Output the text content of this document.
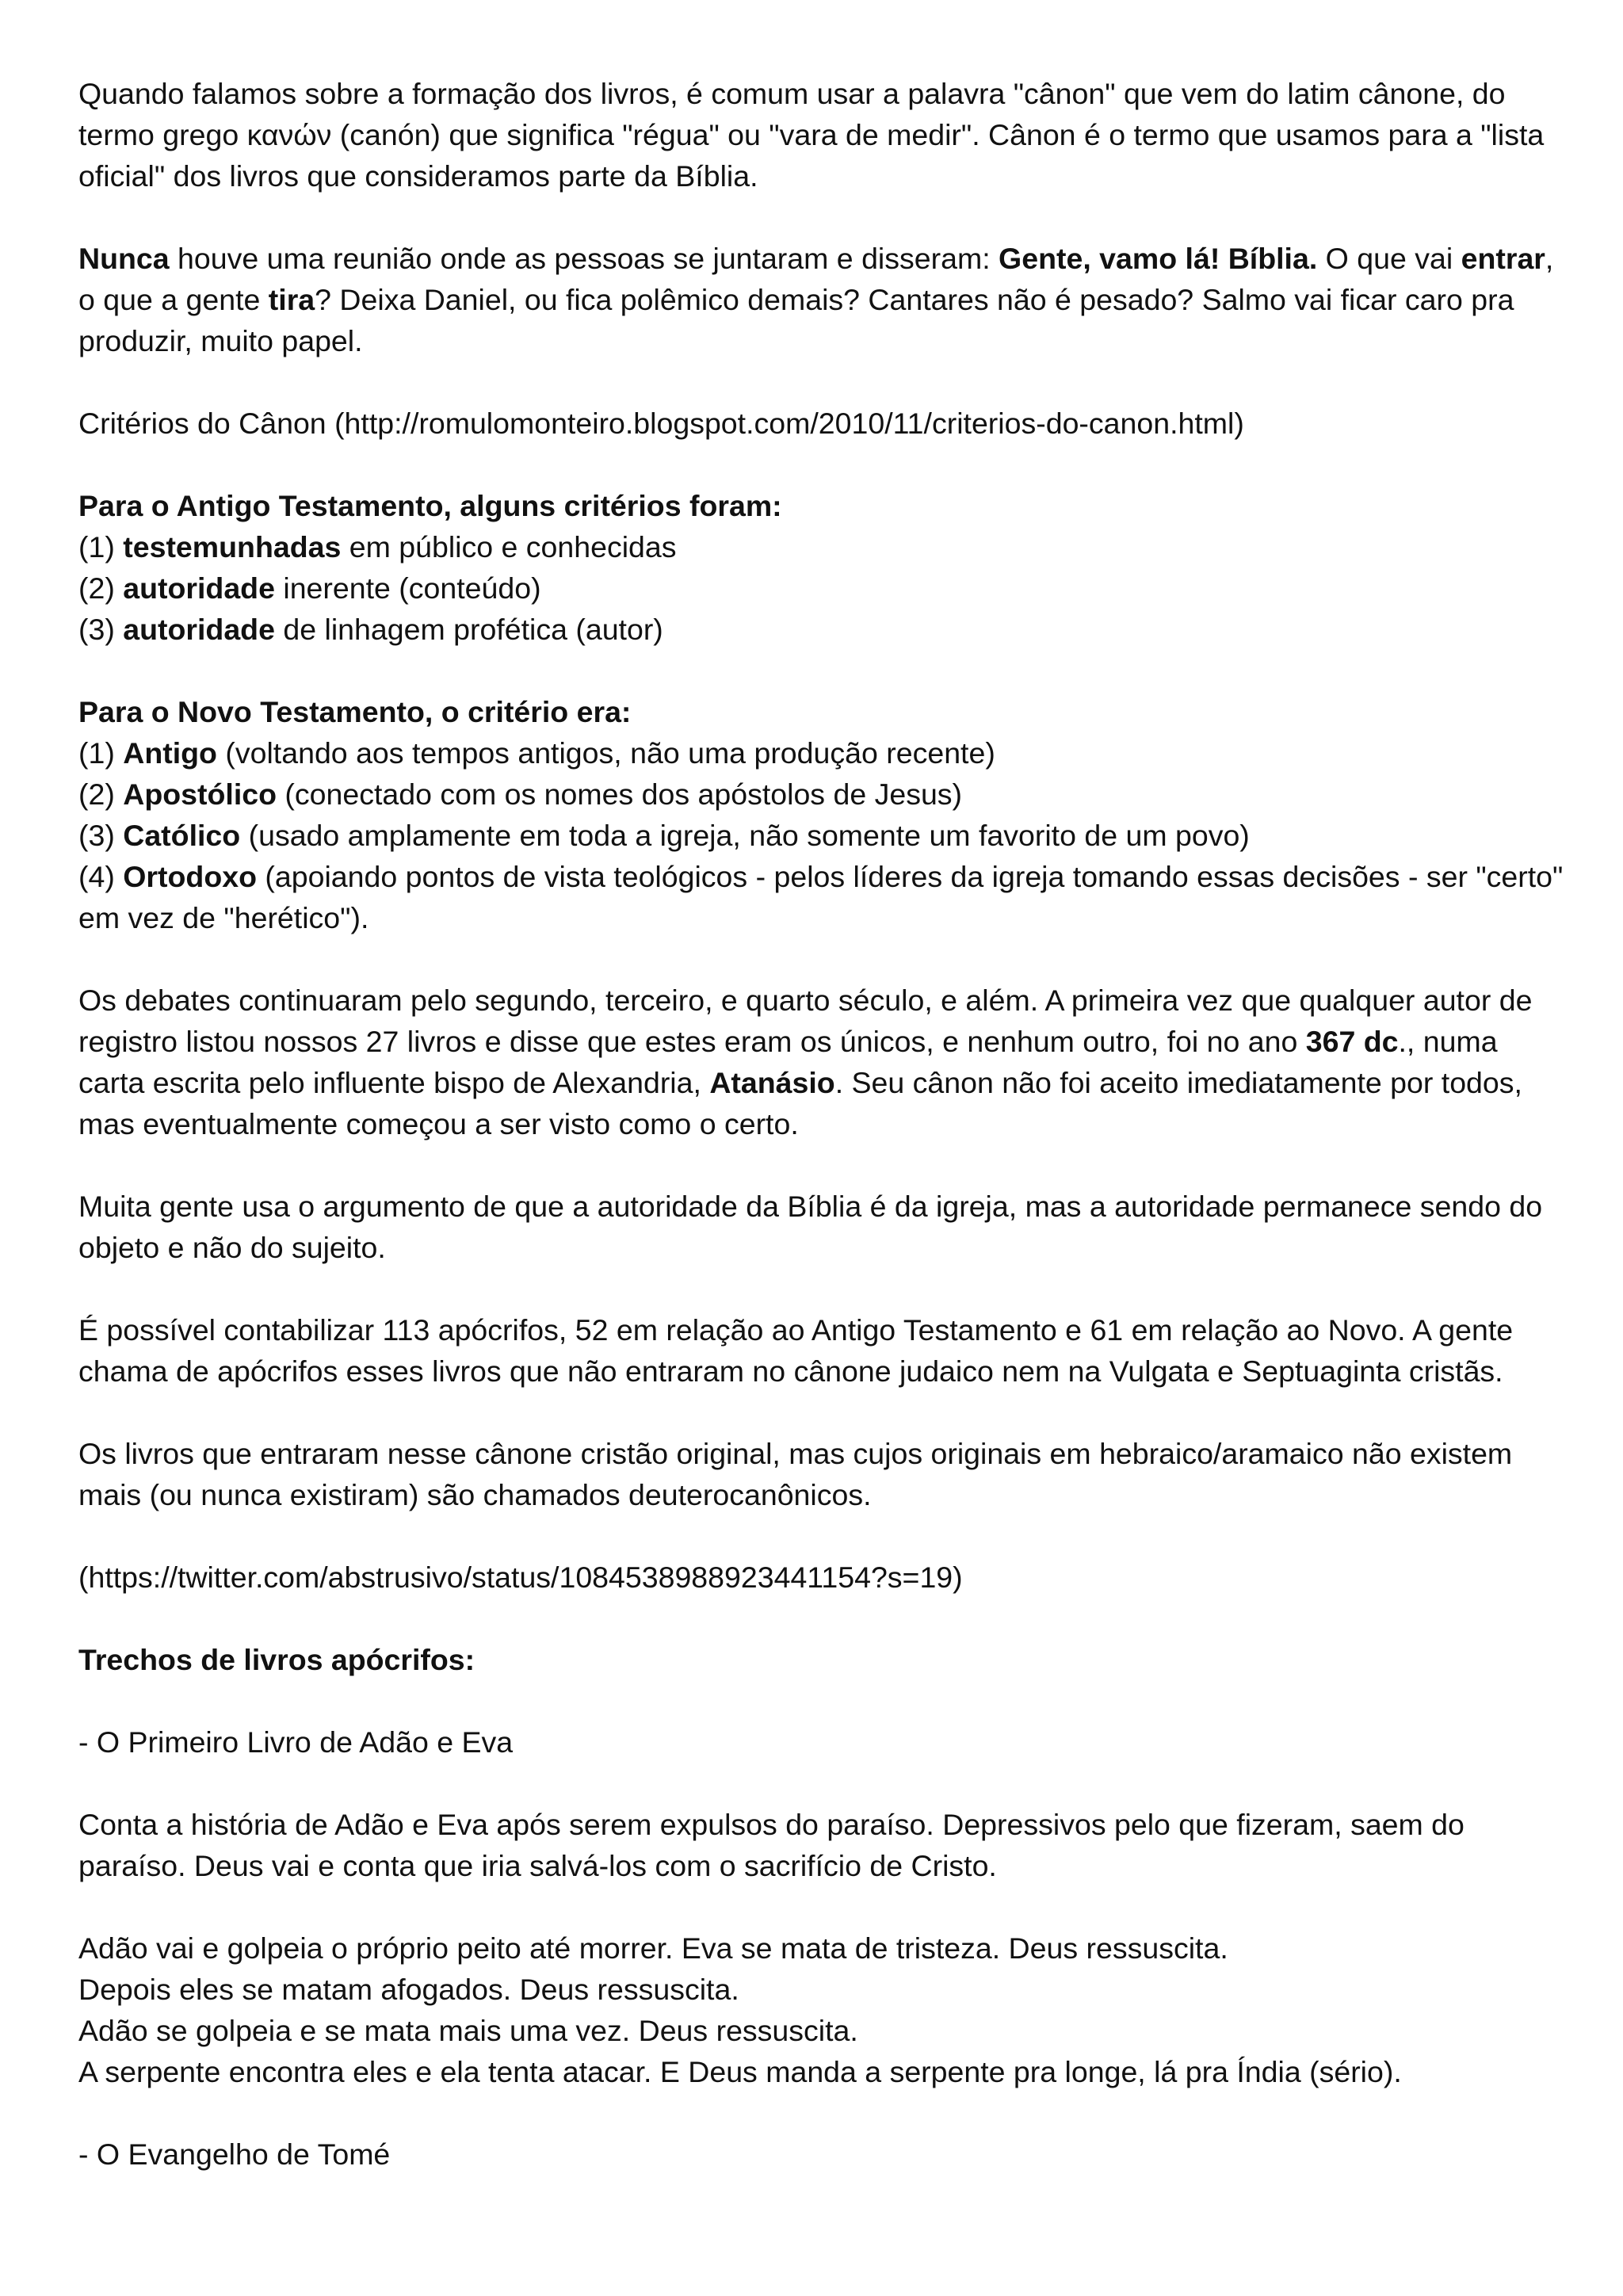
Quando falamos sobre a formação dos livros, é comum usar a palavra "cânon" que vem do latim cânone, do termo grego κανών (canón) que significa "régua" ou "vara de medir". Cânon é o termo que usamos para a "lista oficial" dos livros que consideramos parte da Bíblia.

Nunca houve uma reunião onde as pessoas se juntaram e disseram: Gente, vamo lá! Bíblia. O que vai entrar, o que a gente tira? Deixa Daniel, ou fica polêmico demais? Cantares não é pesado? Salmo vai ficar caro pra produzir, muito papel.

Critérios do Cânon (http://romulomonteiro.blogspot.com/2010/11/criterios-do-canon.html)

Para o Antigo Testamento, alguns critérios foram:
(1) testemunhadas em público e conhecidas
(2) autoridade inerente (conteúdo)
(3) autoridade de linhagem profética (autor)

Para o Novo Testamento, o critério era:
(1) Antigo (voltando aos tempos antigos, não uma produção recente)
(2) Apostólico (conectado com os nomes dos apóstolos de Jesus)
(3) Católico (usado amplamente em toda a igreja, não somente um favorito de um povo)
(4) Ortodoxo (apoiando pontos de vista teológicos - pelos líderes da igreja tomando essas decisões - ser "certo" em vez de "herético").

Os debates continuaram pelo segundo, terceiro, e quarto século, e além. A primeira vez que qualquer autor de registro listou nossos 27 livros e disse que estes eram os únicos, e nenhum outro, foi no ano 367 dc., numa carta escrita pelo influente bispo de Alexandria, Atanásio. Seu cânon não foi aceito imediatamente por todos, mas eventualmente começou a ser visto como o certo.

Muita gente usa o argumento de que a autoridade da Bíblia é da igreja, mas a autoridade permanece sendo do objeto e não do sujeito.

É possível contabilizar 113 apócrifos, 52 em relação ao Antigo Testamento e 61 em relação ao Novo. A gente chama de apócrifos esses livros que não entraram no cânone judaico nem na Vulgata e Septuaginta cristãs.

Os livros que entraram nesse cânone cristão original, mas cujos originais em hebraico/aramaico não existem mais (ou nunca existiram) são chamados deuterocanônicos.

(https://twitter.com/abstrusivo/status/1084538988923441154?s=19)

Trechos de livros apócrifos:

- O Primeiro Livro de Adão e Eva

Conta a história de Adão e Eva após serem expulsos do paraíso. Depressivos pelo que fizeram, saem do paraíso. Deus vai e conta que iria salvá-los com o sacrifício de Cristo.

Adão vai e golpeia o próprio peito até morrer. Eva se mata de tristeza. Deus ressuscita.
Depois eles se matam afogados. Deus ressuscita.
Adão se golpeia e se mata mais uma vez. Deus ressuscita.
A serpente encontra eles e ela tenta atacar. E Deus manda a serpente pra longe, lá pra Índia (sério).

- O Evangelho de Tomé
